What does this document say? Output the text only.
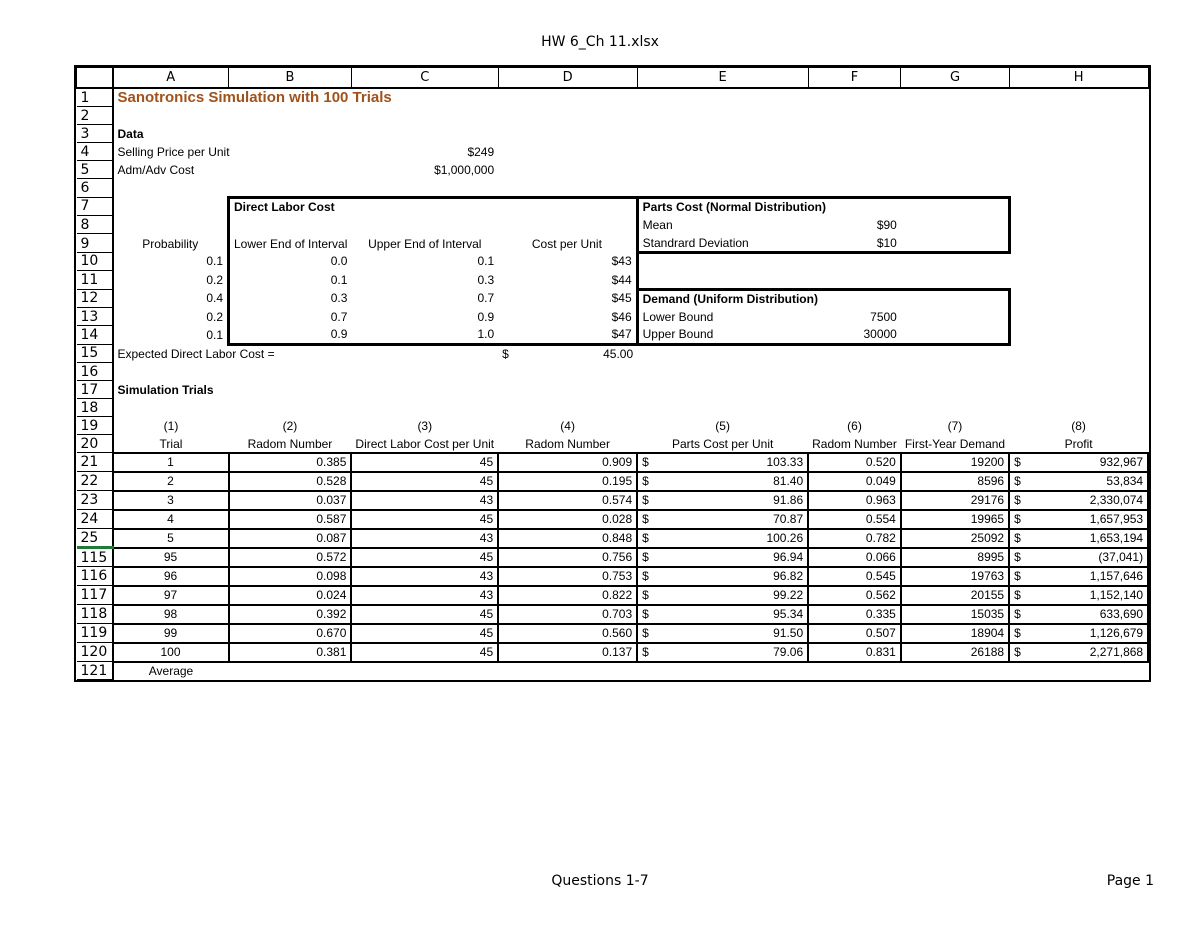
HW 6_Ch 11.xlsx
	A	B	C	D	E	F	G	H
1	Sanotronics Simulation with 100 Trials							
2								
3	Data							
4	Selling Price per Unit		$249					
5	Adm/Adv Cost		$1,000,000					
6								
7		Direct Labor Cost			Parts Cost (Normal Distribution)			
8					Mean	$90		
9	Probability	Lower End of Interval	Upper End of Interval	Cost per Unit	Standrard Deviation	$10		
10	0.1	0.0	0.1	$43				
11	0.2	0.1	0.3	$44				
12	0.4	0.3	0.7	$45	Demand (Uniform Distribution)			
13	0.2	0.7	0.9	$46	Lower Bound	7500		
14	0.1	0.9	1.0	$47	Upper Bound	30000		
15	Expected Direct Labor Cost =			$ 45.00				

16								
17	Simulation Trials							
18								
19	(1)	(2)	(3)	(4)	(5)	(6)	(7)	(8)
20	Trial	Radom Number	Direct Labor Cost per Unit	Radom Number	Parts Cost per Unit	Radom Number	First-Year Demand	Profit
21	1	0.385	45	0.909	$ 103.33	0.520	19200	$ 932,967

22	2	0.528	45	0.195	$ 81.40	0.049	8596	$ 53,834

23	3	0.037	43	0.574	$ 91.86	0.963	29176	$ 2,330,074

24	4	0.587	45	0.028	$ 70.87	0.554	19965	$ 1,657,953

25	5	0.087	43	0.848	$ 100.26	0.782	25092	$ 1,653,194

115	95	0.572	45	0.756	$ 96.94	0.066	8995	$ (37,041)

116	96	0.098	43	0.753	$ 96.82	0.545	19763	$ 1,157,646

117	97	0.024	43	0.822	$ 99.22	0.562	20155	$ 1,152,140

118	98	0.392	45	0.703	$ 95.34	0.335	15035	$ 633,690

119	99	0.670	45	0.560	$ 91.50	0.507	18904	$ 1,126,679

120	100	0.381	45	0.137	$ 79.06	0.831	26188	$ 2,271,868

121	Average							
Questions 1-7	Page 1
